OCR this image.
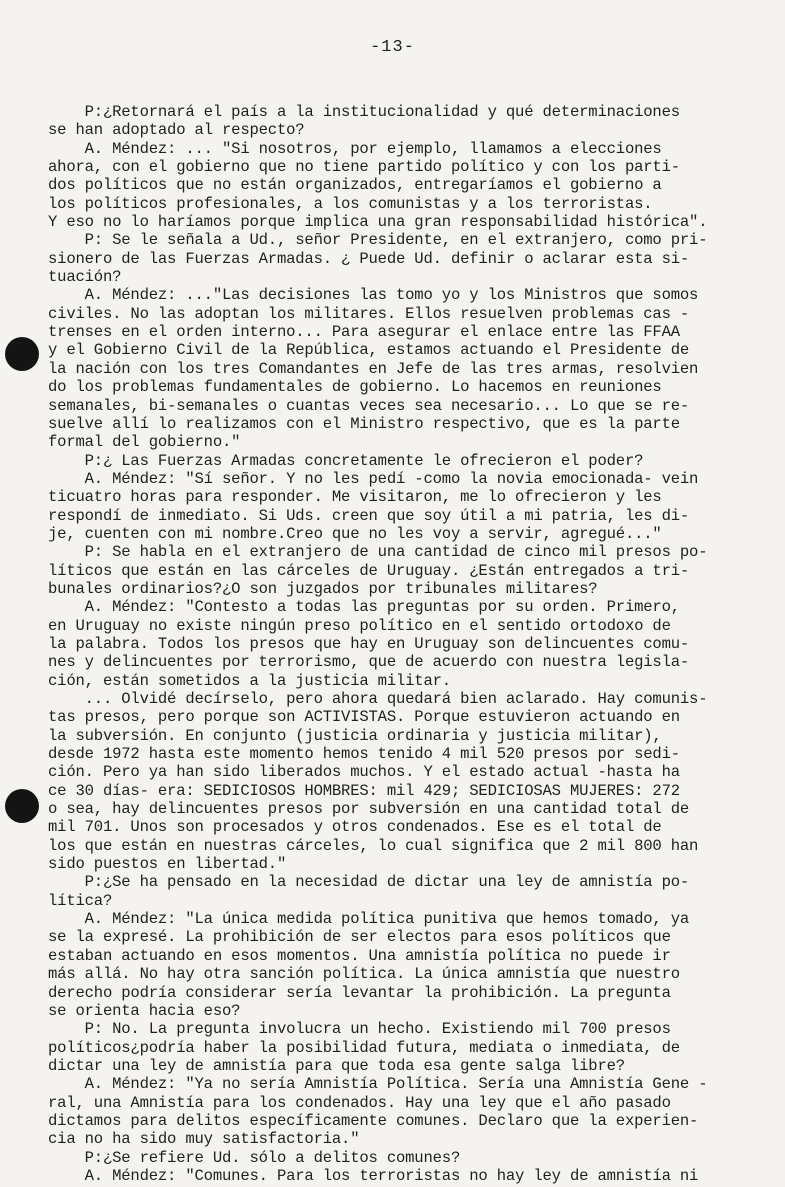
-13-
P:¿Retornará el país a la institucionalidad y qué determinaciones
se han adoptado al respecto?
A. Méndez: ... "Si nosotros, por ejemplo, llamamos a elecciones
ahora, con el gobierno que no tiene partido político y con los parti-
dos políticos que no están organizados, entregaríamos el gobierno a
los políticos profesionales, a los comunistas y a los terroristas.
Y eso no lo haríamos porque implica una gran responsabilidad histórica".
P: Se le señala a Ud., señor Presidente, en el extranjero, como pri-
sionero de las Fuerzas Armadas. ¿ Puede Ud. definir o aclarar esta si-
tuación?
A. Méndez: ..."Las decisiones las tomo yo y los Ministros que somos
civiles. No las adoptan los militares. Ellos resuelven problemas cas -
trenses en el orden interno... Para asegurar el enlace entre las FFAA
y el Gobierno Civil de la República, estamos actuando el Presidente de
la nación con los tres Comandantes en Jefe de las tres armas, resolvien
do los problemas fundamentales de gobierno. Lo hacemos en reuniones
semanales, bi-semanales o cuantas veces sea necesario... Lo que se re-
suelve allí lo realizamos con el Ministro respectivo, que es la parte
formal del gobierno."
P:¿ Las Fuerzas Armadas concretamente le ofrecieron el poder?
A. Méndez: "Sí señor. Y no les pedí -como la novia emocionada- vein
ticuatro horas para responder. Me visitaron, me lo ofrecieron y les
respondí de inmediato. Si Uds. creen que soy útil a mi patria, les di-
je, cuenten con mi nombre.Creo que no les voy a servir, agregué..."
P: Se habla en el extranjero de una cantidad de cinco mil presos po-
líticos que están en las cárceles de Uruguay. ¿Están entregados a tri-
bunales ordinarios?¿O son juzgados por tribunales militares?
A. Méndez: "Contesto a todas las preguntas por su orden. Primero,
en Uruguay no existe ningún preso político en el sentido ortodoxo de
la palabra. Todos los presos que hay en Uruguay son delincuentes comu-
nes y delincuentes por terrorismo, que de acuerdo con nuestra legisla-
ción, están sometidos a la justicia militar.
... Olvidé decírselo, pero ahora quedará bien aclarado. Hay comunis-
tas presos, pero porque son ACTIVISTAS. Porque estuvieron actuando en
la subversión. En conjunto (justicia ordinaria y justicia militar),
desde 1972 hasta este momento hemos tenido 4 mil 520 presos por sedi-
ción. Pero ya han sido liberados muchos. Y el estado actual -hasta ha
ce 30 días- era: SEDICIOSOS HOMBRES: mil 429; SEDICIOSAS MUJERES: 272
o sea, hay delincuentes presos por subversión en una cantidad total de
mil 701. Unos son procesados y otros condenados. Ese es el total de
los que están en nuestras cárceles, lo cual significa que 2 mil 800 han
sido puestos en libertad."
P:¿Se ha pensado en la necesidad de dictar una ley de amnistía po-
lítica?
A. Méndez: "La única medida política punitiva que hemos tomado, ya
se la expresé. La prohibición de ser electos para esos políticos que
estaban actuando en esos momentos. Una amnistía política no puede ir
más allá. No hay otra sanción política. La única amnistía que nuestro
derecho podría considerar sería levantar la prohibición. La pregunta
se orienta hacia eso?
P: No. La pregunta involucra un hecho. Existiendo mil 700 presos
políticos¿podría haber la posibilidad futura, mediata o inmediata, de
dictar una ley de amnistía para que toda esa gente salga libre?
A. Méndez: "Ya no sería Amnistía Política. Sería una Amnistía Gene -
ral, una Amnistía para los condenados. Hay una ley que el año pasado
dictamos para delitos específicamente comunes. Declaro que la experien-
cia no ha sido muy satisfactoria."
P:¿Se refiere Ud. sólo a delitos comunes?
A. Méndez: "Comunes. Para los terroristas no hay ley de amnistía ni
